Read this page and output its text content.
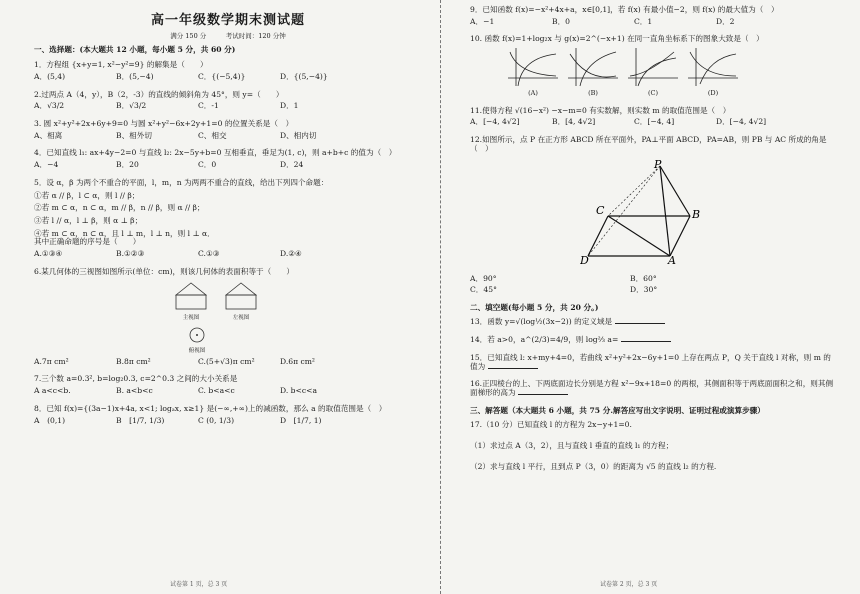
高一年级数学期末测试题
满分 150 分　　　考试时间：120 分钟
一、选择题：(本大题共 12 小题，每小题 5 分，共 60 分)
1．方程组 {x+y=1, x²−y²=9} 的解集是（　　）
A．(5,4)	B．(5,−4)	C．{(−5,4)}	D．{(5,−4)}
2.过两点 A（4，y），B（2，-3）的直线的倾斜角为 45°，则 y=（　　）
A．√3/2	B．√3/2	C．-1	D．1
3. 圆 x²+y²+2x+6y+9=0 与圆 x²+y²−6x+2y+1=0 的位置关系是（　）
A、相离	B、相外切	C、相交	D、相内切
4．已知直线 l₁: ax+4y−2=0 与直线 l₂: 2x−5y+b=0 互相垂直，垂足为(1, c)，则 a+b+c 的值为（　）
A．−4	B．20	C．0	D．24
5．设 α，β 为两个不重合的平面，l，m，n 为两两不重合的直线，给出下列四个命题：
①若 α // β，l ⊂ α，则 l // β；
②若 m ⊂ α，n ⊂ α，m // β，n // β，则 α // β；
③若 l // α，l ⊥ β，则 α ⊥ β；
④若 m ⊂ α，n ⊂ α，且 l ⊥ m，l ⊥ n，则 l ⊥ α．
其中正确命题的序号是（　　）
A.①③④	B.①②③	C.①③	D.②④
6.某几何体的三视图如图所示(单位：cm)，则该几何体的表面积等于（　　）
主视图	左视图
俯视图
A.7π cm²	B.8π cm²	C.(5+√3)π cm²	D.6π cm²
7.三个数 a=0.3², b=log₂0.3, c=2^0.3 之间的大小关系是
A a<c<b.	B. a<b<c	C. b<a<c	D. b<c<a
8．已知 f(x)={(3a−1)x+4a, x<1; logₐx, x≥1} 是(−∞,+∞)上的减函数，那么 a 的取值范围是（　）
A　(0,1)	B　[1/7, 1/3)	C (0, 1/3)	D　[1/7, 1)
试卷第 1 页，总 3 页
9．已知函数 f(x)=−x²+4x+a，x∈[0,1]，若 f(x) 有最小值−2，则 f(x) 的最大值为（　）
A．−1	B．0	C．1	D．2
10. 函数 f(x)=1+log₂x 与 g(x)=2^(−x+1) 在同一直角坐标系下的图象大致是（　）
(A)	(B)	(C)	(D)
11.使得方程 √(16−x²) −x−m=0 有实数解，则实数 m 的取值范围是（　）
A．[−4, 4√2]	B．[4, 4√2]	C．[−4, 4]	D．[−4, 4√2]
12.如图所示，点 P 在正方形 ABCD 所在平面外，PA⊥平面 ABCD，PA=AB，则 PB 与 AC 所成的角是（　）
P
C	B
D	A
A．90°	B．60°
C．45°	D．30°
二、填空题(每小题 5 分，共 20 分。)
13．函数 y=√(log½(3x−2)) 的定义域是
14．若 a>0，a^(2/3)=4/9，则 log⅔ a=
15．已知直线 l: x+my+4=0，若曲线 x²+y²+2x−6y+1=0 上存在两点 P，Q 关于直线 l 对称，则 m 的值为
16.正四棱台的上、下两底面边长分别是方程 x²−9x+18=0 的两根，其侧面积等于两底面面积之和，则其侧面梯形的高为
三、解答题（本大题共 6 小题，共 75 分.解答应写出文字说明、证明过程或演算步骤）
17.（10 分）已知直线 l 的方程为 2x−y+1=0.
（1）求过点 A（3，2），且与直线 l 垂直的直线 l₁ 的方程；
（2）求与直线 l 平行，且到点 P（3，0）的距离为 √5 的直线 l₂ 的方程.
试卷第 2 页，总 3 页
